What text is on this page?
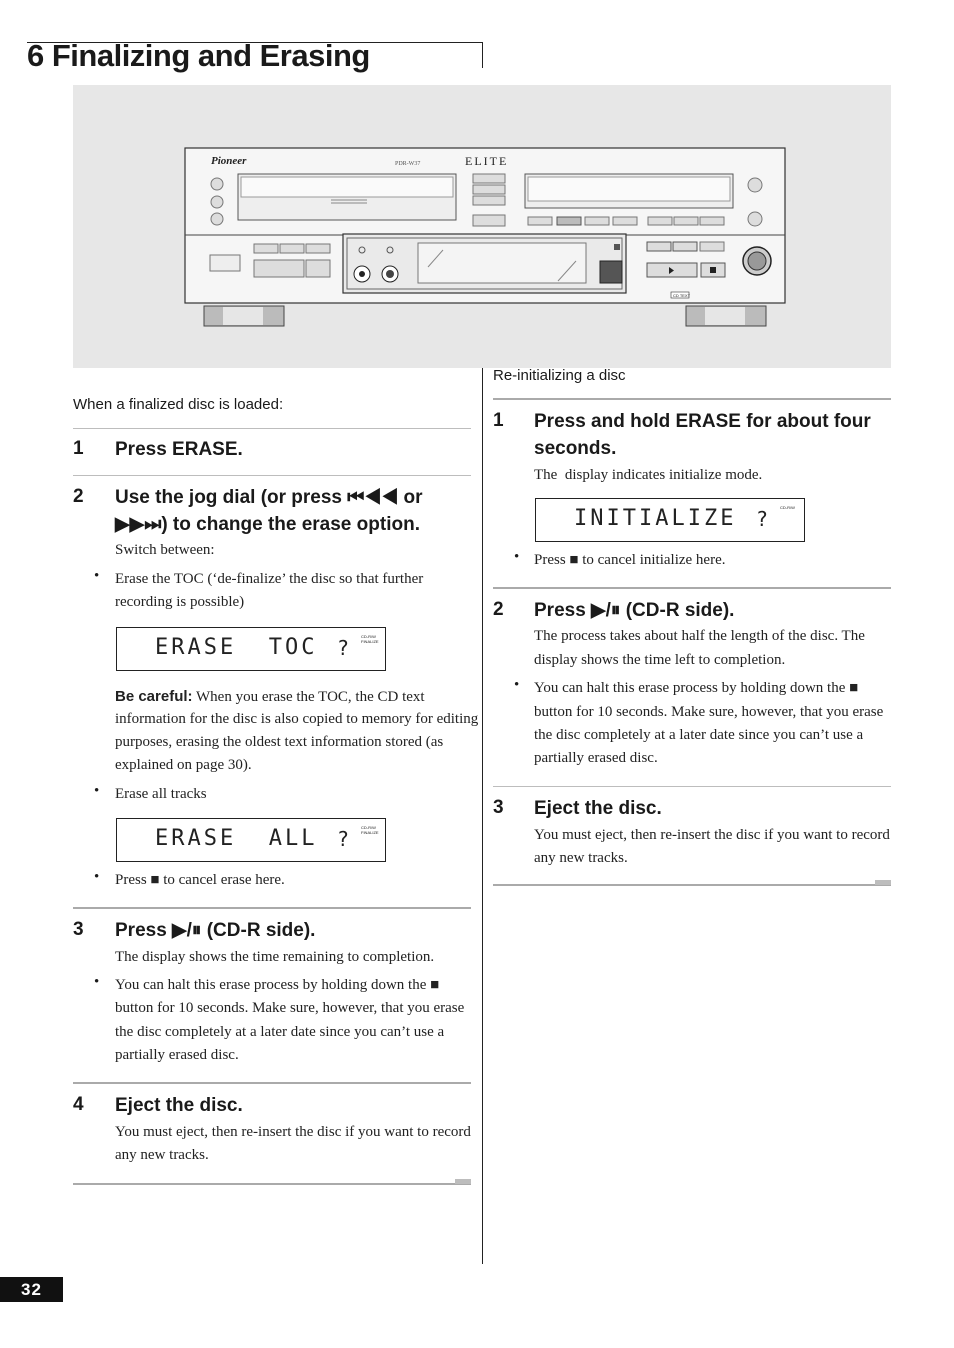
6 Finalizing and Erasing
Pioneer	PDR-W37	ELITE
CD TEXT
When a finalized disc is loaded:
1 Press ERASE.
2 Use the jog dial (or press ⏮◀◀ or
▶▶⏭) to change the erase option.
Switch between:
• Erase the TOC (‘de-finalize’ the disc so that further
recording is possible)
ERASE  TOC ?	CD-R/W
FINALIZE
Be careful: When you erase the TOC, the CD text
information for the disc is also copied to memory for editing
purposes, erasing the oldest text information stored (as
explained on page 30).
• Erase all tracks
ERASE  ALL ?	CD-R/W
FINALIZE
• Press ■ to cancel erase here.
3 Press ▶/⏸ (CD-R side).
The display shows the time remaining to completion.
• You can halt this erase process by holding down the ■
button for 10 seconds. Make sure, however, that you erase
the disc completely at a later date since you can’t use a
partially erased disc.
4 Eject the disc.
You must eject, then re-insert the disc if you want to record
any new tracks.
Re-initializing a disc
1 Press and hold ERASE for about four
seconds.
The  display indicates initialize mode.
INITIALIZE ?	CD-R/W
• Press ■ to cancel initialize here.
2 Press ▶/⏸ (CD-R side).
The process takes about half the length of the disc. The
display shows the time left to completion.
• You can halt this erase process by holding down the ■
button for 10 seconds. Make sure, however, that you erase
the disc completely at a later date since you can’t use a
partially erased disc.
3 Eject the disc.
You must eject, then re-insert the disc if you want to record
any new tracks.
32
